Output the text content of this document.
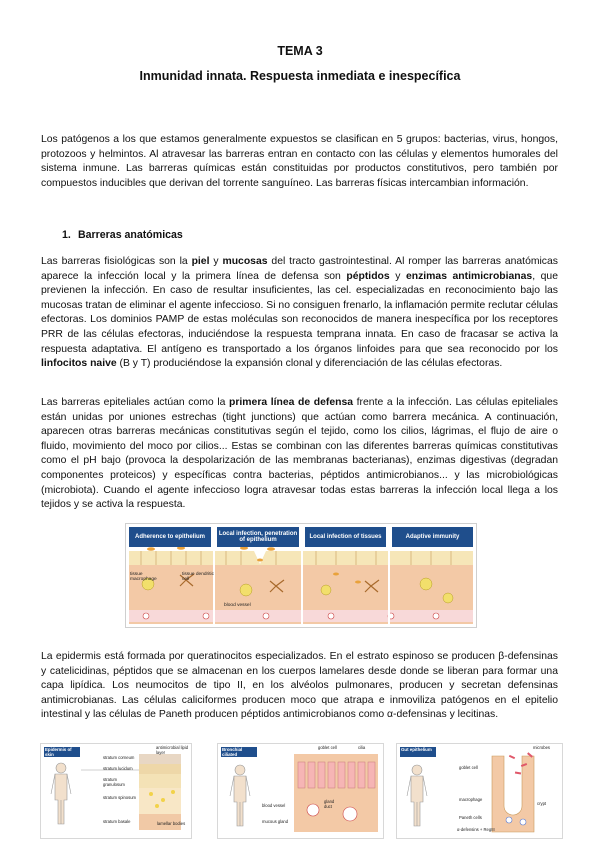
TEMA 3
Inmunidad innata. Respuesta inmediata e inespecífica

Los patógenos a los que estamos generalmente expuestos se clasifican en 5 grupos: bacterias, virus, hongos, protozoos y helmintos. Al atravesar las barreras entran en contacto con las células y elementos humorales del sistema inmune. Las barreras químicas están constituidas por productos constitutivos, pero también por compuestos inducibles que derivan del torrente sanguíneo. Las barreras físicas intercambian información.

1. Barreras anatómicas

Las barreras fisiológicas son la piel y mucosas del tracto gastrointestinal. Al romper las barreras anatómicas aparece la infección local y la primera línea de defensa son péptidos y enzimas antimicrobianas, que previenen la infección. En caso de resultar insuficientes, las cel. especializadas en reconocimiento bajo las mucosas tratan de eliminar el agente infeccioso. Si no consiguen frenarlo, la inflamación permite reclutar células efectoras. Los dominios PAMP de estas moléculas son reconocidos de manera inespecífica por los receptores PRR de las células efectoras, induciéndose la respuesta temprana innata. En caso de fracasar se activa la respuesta adaptativa. El antígeno es transportado a los órganos linfoides para que sea reconocido por los linfocitos naive (B y T) produciéndose la expansión clonal y diferenciación de las células efectoras.

Las barreras epiteliales actúan como la primera línea de defensa frente a la infección. Las células epiteliales están unidas por uniones estrechas (tight junctions) que actúan como barrera mecánica. A continuación, aparecen otras barreras mecánicas constitutivas según el tejido, como los cilios, lágrimas, el flujo de aire o fluido, movimiento del moco por cilios... Estas se combinan con las diferentes barreras químicas constitutivas como el pH bajo (provoca la despolarización de las membranas bacterianas), enzimas digestivas (degradan componentes proteicos) y específicas contra bacterias, péptidos antimicrobianos... y las microbiológicas (microbiota). Cuando el agente infeccioso logra atravesar todas estas barreras la infección local llega a los tejidos y se activa la respuesta.

Adherence to epithelium
tissue macrophage
tissue dendritic cell
Local infection, penetration of epithelium
blood vessel
Local infection of tissues	Adaptive immunity

La epidermis está formada por queratinocitos especializados. En el estrato espinoso se producen β-defensinas y catelicidinas, péptidos que se almacenan en los cuerpos lamelares desde donde se liberan para formar una capa lipídica. Los neumocitos de tipo II, en los alvéolos pulmonares, producen y secretan defensinas antimicrobianas. Las células caliciformes producen moco que atrapa e inmoviliza patógenos en el epitelio intestinal y las células de Paneth producen péptidos antimicrobianos como α-defensinas y lecitinas.

Epidermis of skin
stratum corneum
stratum lucidum
stratum granulosum
stratum spinosum
stratum basale
antimicrobial lipid layer
lamellar bodies
Bronchial ciliated epithelium
goblet cell	cilia
blood vessel
mucous gland
gland duct
Gut epithelium	microbes
goblet cell
macrophage
crypt
Paneth cells
α-defensins + RegIII
